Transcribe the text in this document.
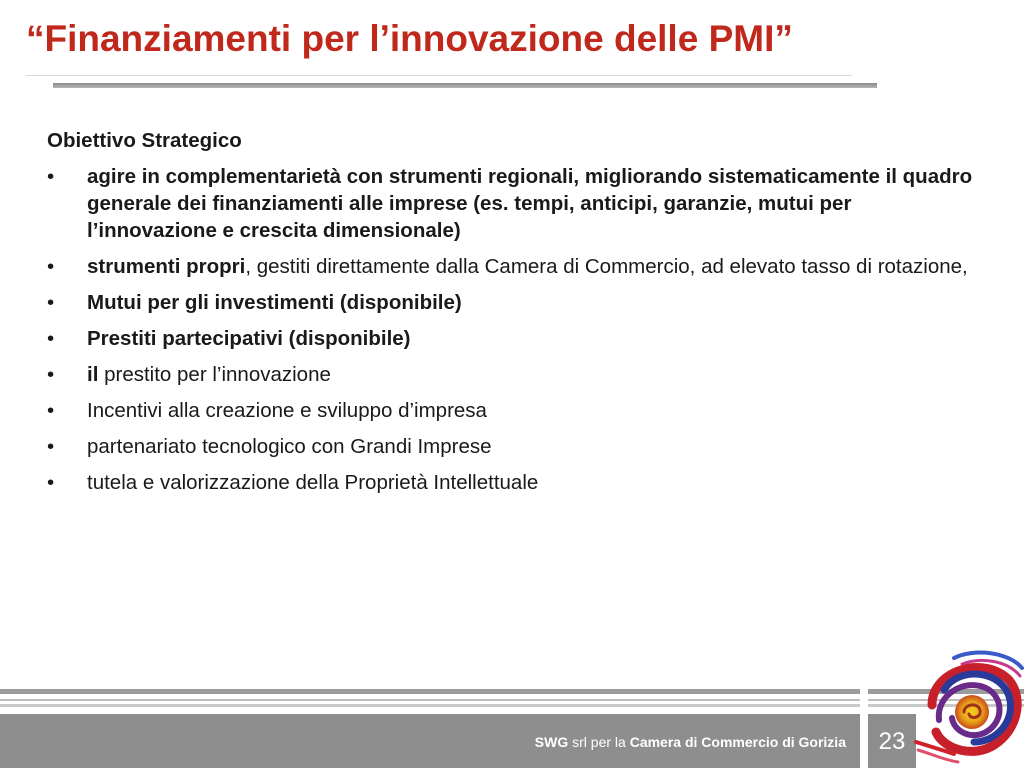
“Finanziamenti per l’innovazione delle PMI”
Obiettivo Strategico
• agire in complementarietà con strumenti regionali, migliorando sistematicamente il quadro generale dei finanziamenti alle imprese (es. tempi, anticipi, garanzie, mutui per l’innovazione e crescita dimensionale)
• strumenti propri, gestiti direttamente dalla Camera di Commercio, ad elevato tasso di rotazione,
• Mutui per gli investimenti (disponibile)
• Prestiti partecipativi (disponibile)
• il prestito per l’innovazione
• Incentivi alla creazione e sviluppo d’impresa
• partenariato tecnologico con Grandi Imprese
• tutela e valorizzazione della Proprietà Intellettuale
SWG srl per la Camera di Commercio di Gorizia	23
